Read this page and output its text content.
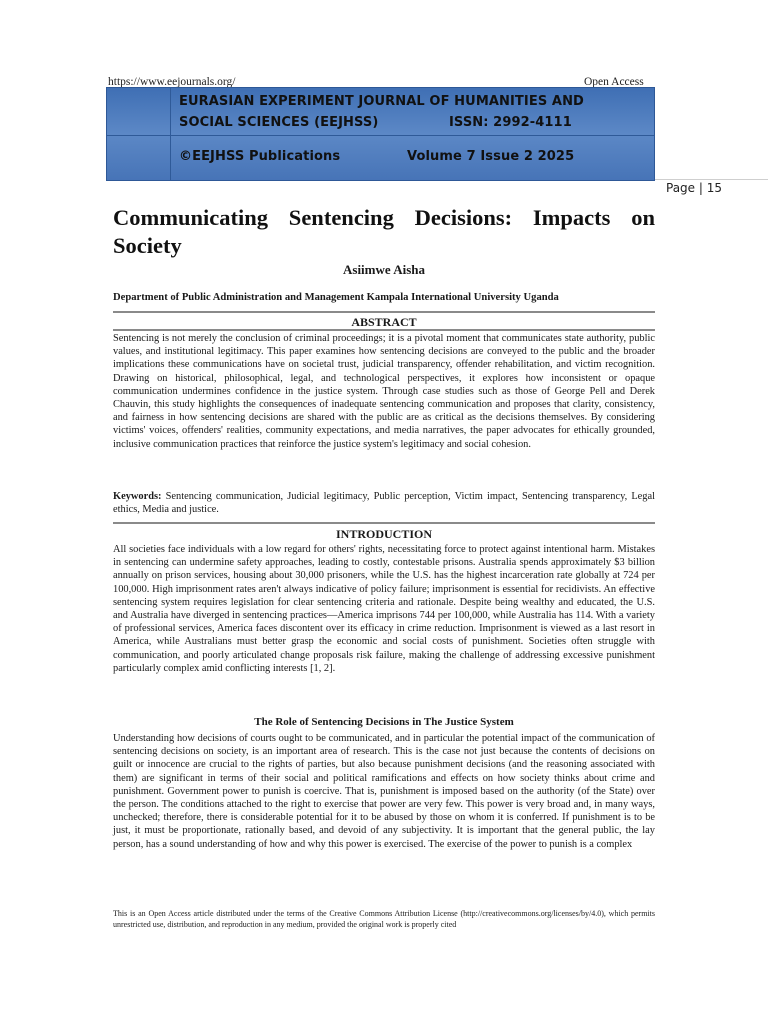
https://www.eejournals.org/	Open Access
EURASIAN EXPERIMENT JOURNAL OF HUMANITIES AND
SOCIAL SCIENCES (EEJHSS)	ISSN: 2992-4111
©EEJHSS Publications	Volume 7 Issue 2 2025
Page | 15
Communicating Sentencing Decisions: Impacts on Society
Asiimwe Aisha
Department of Public Administration and Management Kampala International University Uganda
ABSTRACT

Sentencing is not merely the conclusion of criminal proceedings; it is a pivotal moment that communicates state authority, public values, and institutional legitimacy. This paper examines how sentencing decisions are conveyed to the public and the broader implications these communications have on societal trust, judicial transparency, offender rehabilitation, and victim recognition. Drawing on historical, philosophical, legal, and technological perspectives, it explores how inconsistent or opaque communication undermines confidence in the justice system. Through case studies such as those of George Pell and Derek Chauvin, this study highlights the consequences of inadequate sentencing communication and proposes that clarity, consistency, and fairness in how sentencing decisions are shared with the public are as critical as the decisions themselves. By considering victims' voices, offenders' realities, community expectations, and media narratives, the paper advocates for ethically grounded, inclusive communication practices that reinforce the justice system's legitimacy and social cohesion.

Keywords: Sentencing communication, Judicial legitimacy, Public perception, Victim impact, Sentencing transparency, Legal ethics, Media and justice.

INTRODUCTION

All societies face individuals with a low regard for others' rights, necessitating force to protect against intentional harm. Mistakes in sentencing can undermine safety approaches, leading to costly, contestable prisons. Australia spends approximately $3 billion annually on prison services, housing about 30,000 prisoners, while the U.S. has the highest incarceration rate globally at 724 per 100,000. High imprisonment rates aren't always indicative of policy failure; imprisonment is essential for recidivists. An effective sentencing system requires legislation for clear sentencing criteria and rationale. Despite being wealthy and educated, the U.S. and Australia have diverged in sentencing practices—America imprisons 744 per 100,000, while Australia has 114. With a variety of professional services, America faces discontent over its efficacy in crime reduction. Imprisonment is viewed as a last resort in America, while Australians must better grasp the economic and social costs of punishment. Societies often struggle with communication, and poorly articulated change proposals risk failure, making the challenge of addressing excessive punishment particularly complex amid conflicting interests [1, 2].

The Role of Sentencing Decisions in The Justice System

Understanding how decisions of courts ought to be communicated, and in particular the potential impact of the communication of sentencing decisions on society, is an important area of research. This is the case not just because the contents of decisions on guilt or innocence are crucial to the rights of parties, but also because punishment decisions (and the reasoning associated with them) are significant in terms of their social and political ramifications and effects on how society thinks about crime and punishment. Government power to punish is coercive. That is, punishment is imposed based on the authority (of the State) over the person. The conditions attached to the right to exercise that power are very few. This power is very broad and, in many ways, unchecked; therefore, there is considerable potential for it to be abused by those on whom it is conferred. If punishment is to be just, it must be proportionate, rationally based, and devoid of any subjectivity. It is important that the general public, the lay person, has a sound understanding of how and why this power is exercised. The exercise of the power to punish is a complex

This is an Open Access article distributed under the terms of the Creative Commons Attribution License (http://creativecommons.org/licenses/by/4.0), which permits unrestricted use, distribution, and reproduction in any medium, provided the original work is properly cited
